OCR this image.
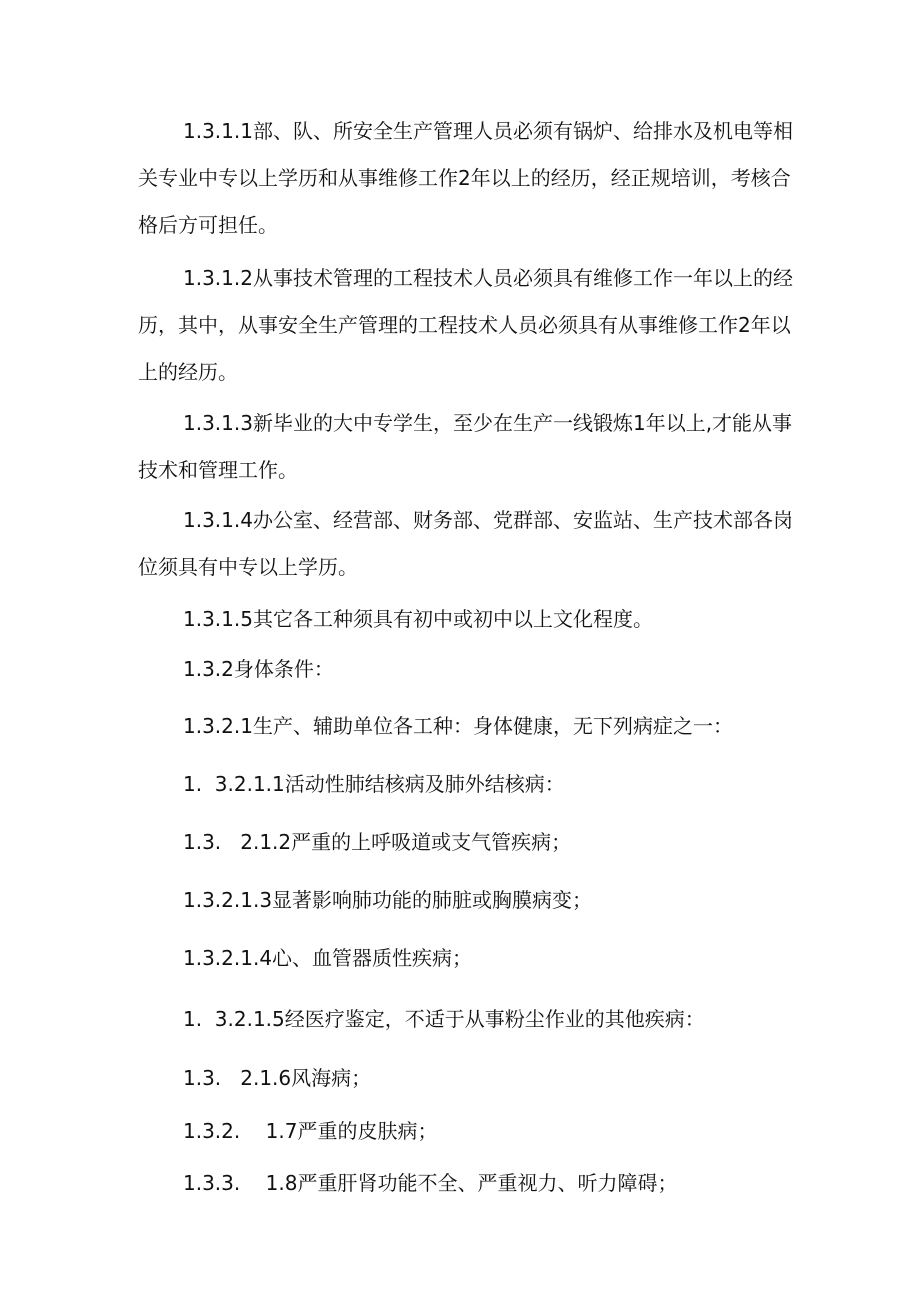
1.3.1.1部、队、所安全生产管理人员必须有锅炉、给排水及机电等相
关专业中专以上学历和从事维修工作2年以上的经历，经正规培训，考核合
格后方可担任。
1.3.1.2从事技术管理的工程技术人员必须具有维修工作一年以上的经
历，其中，从事安全生产管理的工程技术人员必须具有从事维修工作2年以
上的经历。
1.3.1.3新毕业的大中专学生，至少在生产一线锻炼1年以上,才能从事
技术和管理工作。
1.3.1.4办公室、经营部、财务部、党群部、安监站、生产技术部各岗
位须具有中专以上学历。

1.3.1.5其它各工种须具有初中或初中以上文化程度。

1.3.2身体条件：

1.3.2.1生产、辅助单位各工种：身体健康，无下列病症之一：

1.  3.2.1.1活动性肺结核病及肺外结核病：

1.3.   2.1.2严重的上呼吸道或支气管疾病；

1.3.2.1.3显著影响肺功能的肺脏或胸膜病变；

1.3.2.1.4心、血管器质性疾病；

1.  3.2.1.5经医疗鉴定，不适于从事粉尘作业的其他疾病：

1.3.   2.1.6风海病；

1.3.2.    1.7严重的皮肤病；

1.3.3.    1.8严重肝肾功能不全、严重视力、听力障碍；
